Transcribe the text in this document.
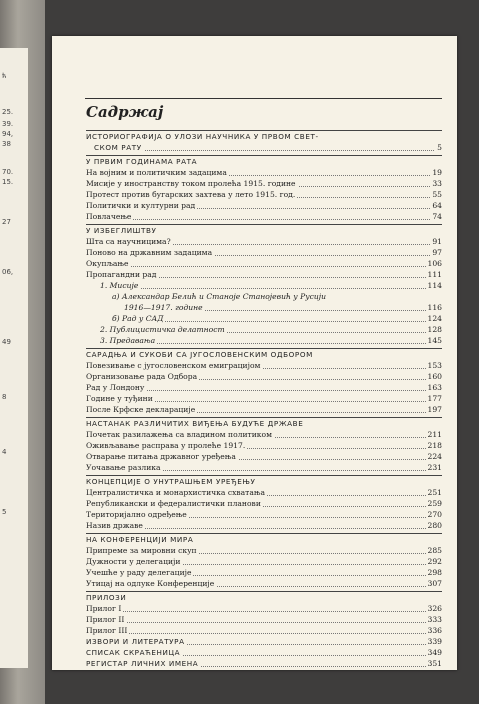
ћ
25.
39.
94,
38
70.
15.
27
06,
49
8
4
5
Садржај
ИСТОРИОГРАФИЈА О УЛОЗИ НАУЧНИКА У ПРВОМ СВЕТ-
СКОМ РАТУ	5
У ПРВИМ ГОДИНАМА РАТА
На војним и политичким задацима	19
Мисије у иностранству током пролећа 1915. године	33
Протест против бугарских захтева у лето 1915. год.	55
Политички и културни рад	64
Повлачење	74
У ИЗБЕГЛИШТВУ
Шта са научницима?	91
Поново на државним задацима	97
Окупљање	106
Пропагандни рад	111
1. Мисије	114
а) Александар Белић и Станоје Станојевић у Русији
1916—1917. године	116
б) Рад у САД	124
2. Публицистичка делатност	128
3. Предавања	145
САРАДЊА И СУКОБИ СА ЈУГОСЛОВЕНСКИМ ОДБОРОМ
Повезивање с југословенском емиграцијом	153
Организовање рада Одбора	160
Рад у Лондону	163
Године у туђини	177
После Крфске декларације	197
НАСТАНАК РАЗЛИЧИТИХ ВИЂЕЊА БУДУЋЕ ДРЖАВЕ
Почетак разилажења са владином политиком	211
Оживљавање расправа у пролеће 1917.	218
Отварање питања државног уређења	224
Уочавање разлика	231
КОНЦЕПЦИЈЕ О УНУТРАШЊЕМ УРЕЂЕЊУ
Централистичка и монархистичка схватања	251
Републикански и федералистички планови	259
Територијално одређење	270
Назив државе	280
НА КОНФЕРЕНЦИЈИ МИРА
Припреме за мировни скуп	285
Дужности у делегацији	292
Учешће у раду делегације	298
Утицај на одлуке Конференције	307
ПРИЛОЗИ
Прилог I	326
Прилог II	333
Прилог III	336
ИЗВОРИ И ЛИТЕРАТУРА	339
СПИСАК СКРАЋЕНИЦА	349
РЕГИСТАР ЛИЧНИХ ИМЕНА	351
